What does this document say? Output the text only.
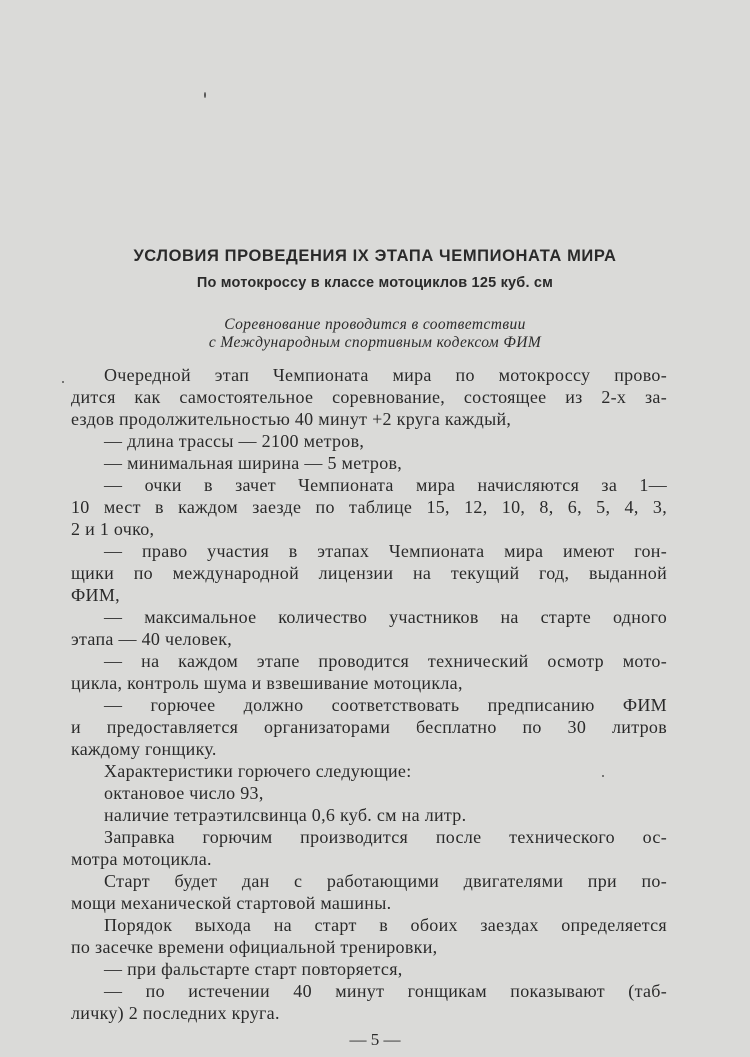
УСЛОВИЯ ПРОВЕДЕНИЯ IX ЭТАПА ЧЕМПИОНАТА МИРА
По мотокроссу в классе мотоциклов 125 куб. см
Соревнование проводится в соответствии
с Международным спортивным кодексом ФИМ
Очередной этап Чемпионата мира по мотокроссу прово-
дится как самостоятельное соревнование, состоящее из 2-х за-
ездов продолжительностью 40 минут +2 круга каждый,
— длина трассы — 2100 метров,
— минимальная ширина — 5 метров,
— очки в зачет Чемпионата мира начисляются за 1—
10 мест в каждом заезде по таблице 15, 12, 10, 8, 6, 5, 4, 3,
2 и 1 очко,
— право участия в этапах Чемпионата мира имеют гон-
щики по международной лицензии на текущий год, выданной
ФИМ,
— максимальное количество участников на старте одного
этапа — 40 человек,
— на каждом этапе проводится технический осмотр мото-
цикла, контроль шума и взвешивание мотоцикла,
— горючее должно соответствовать предписанию ФИМ
и предоставляется организаторами бесплатно по 30 литров
каждому гонщику.
Характеристики горючего следующие:
октановое число 93,
наличие тетраэтилсвинца 0,6 куб. см на литр.
Заправка горючим производится после технического ос-
мотра мотоцикла.
Старт будет дан с работающими двигателями при по-
мощи механической стартовой машины.
Порядок выхода на старт в обоих заездах определяется
по засечке времени официальной тренировки,
— при фальстарте старт повторяется,
— по истечении 40 минут гонщикам показывают (таб-
личку) 2 последних круга.
— 5 —
